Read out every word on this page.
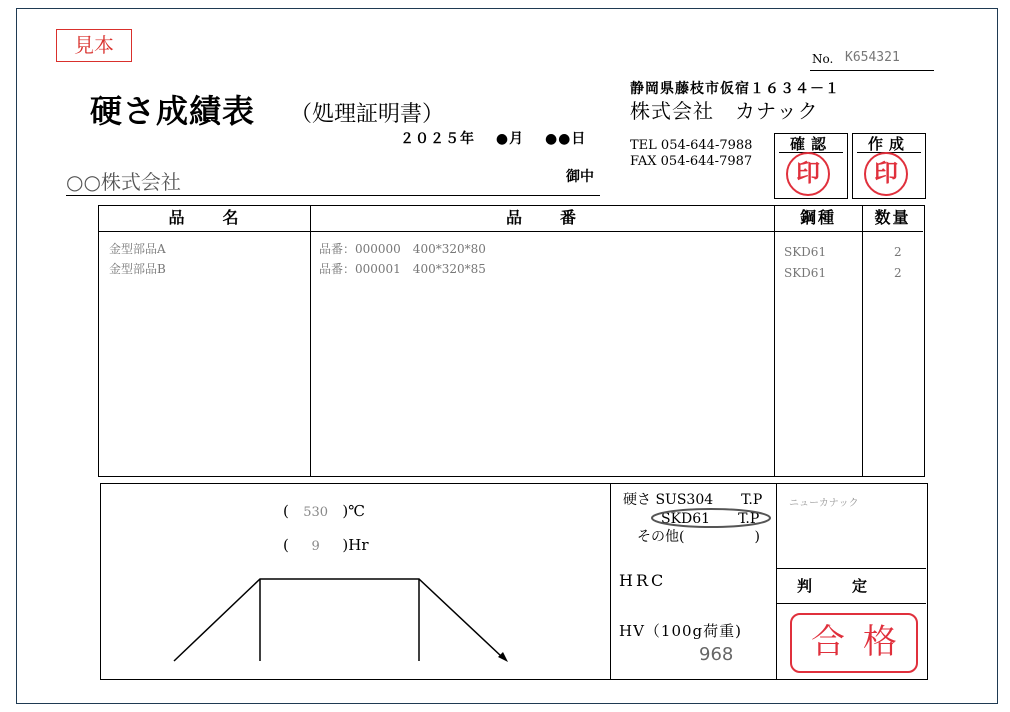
見本
硬さ成績表 （処理証明書）
２０２５年　 ●月　 ●●日
○○株式会社	御中
No. K654321
静岡県藤枝市仮宿１６３４－１
株式会社　カナック
TEL 054-644-7988
FAX 054-644-7987
確認
印
作成
印
品　　名	品　　番	鋼種	数量
金型部品A	品番：000000　400*320*80	SKD61	2
金型部品B	品番：000001　400*320*85	SKD61	2
( 530 )℃
( 9 )Hr
硬さ SUS304　　T.P
SKD61　　T.P
その他(　　　　　)
HRC
HV（100g荷重)
968
ニューカナック
判定
合格
